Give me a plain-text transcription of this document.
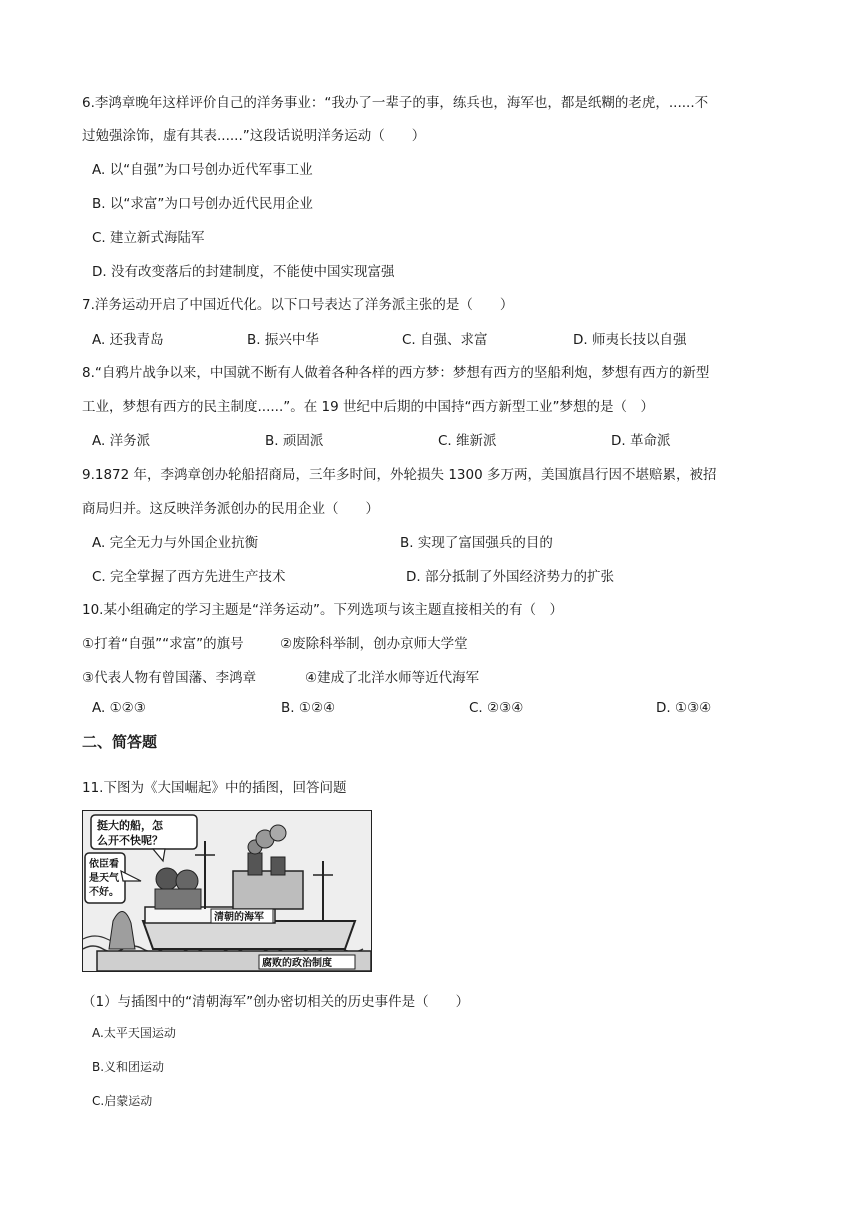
6.李鸿章晚年这样评价自己的洋务事业：“我办了一辈子的事，练兵也，海军也，都是纸糊的老虎，......不
过勉强涂饰，虚有其表......”这段话说明洋务运动（　　）
A. 以“自强”为口号创办近代军事工业
B. 以“求富”为口号创办近代民用企业
C. 建立新式海陆军
D. 没有改变落后的封建制度，不能使中国实现富强
7.洋务运动开启了中国近代化。以下口号表达了洋务派主张的是（　　）
A. 还我青岛	B. 振兴中华	C. 自强、求富	D. 师夷长技以自强
8.“自鸦片战争以来，中国就不断有人做着各种各样的西方梦：梦想有西方的坚船利炮，梦想有西方的新型
工业，梦想有西方的民主制度......”。在 19 世纪中后期的中国持“西方新型工业”梦想的是（　）
A. 洋务派	B. 顽固派	C. 维新派	D. 革命派
9.1872 年，李鸿章创办轮船招商局，三年多时间，外轮损失 1300 多万两，美国旗昌行因不堪赔累，被招
商局归并。这反映洋务派创办的民用企业（　　）
A. 完全无力与外国企业抗衡	B. 实现了富国强兵的目的
C. 完全掌握了西方先进生产技术	D. 部分抵制了外国经济势力的扩张
10.某小组确定的学习主题是“洋务运动”。下列选项与该主题直接相关的有（　）
①打着“自强”“求富”的旗号	②废除科举制，创办京师大学堂
③代表人物有曾国藩、李鸿章	④建成了北洋水师等近代海军
A. ①②③	B. ①②④	C. ②③④	D. ①③④
二、简答题
11.下图为《大国崛起》中的插图，回答问题
挺大的船，怎
么开不快呢？
依臣看
是天气
不好。
清朝的海军
腐败的政治制度
（1）与插图中的“清朝海军”创办密切相关的历史事件是（　　）
A.太平天国运动
B.义和团运动
C.启蒙运动
